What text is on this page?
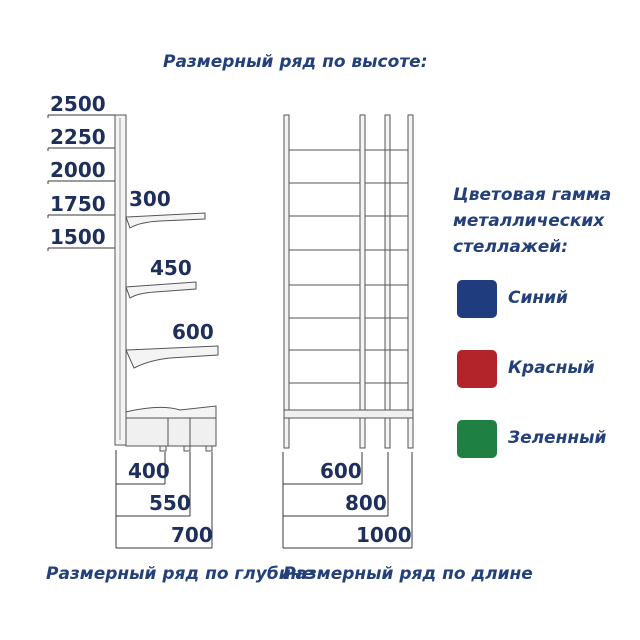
Размерный ряд по высоте:
2500
2250
2000
1750
1500
300
450
600
400
550
700
600
800
1000
Размерный ряд по глубине
Размерный ряд по длине
Цветовая гамма
металлических
стеллажей:
Синий
Красный
Зеленный
